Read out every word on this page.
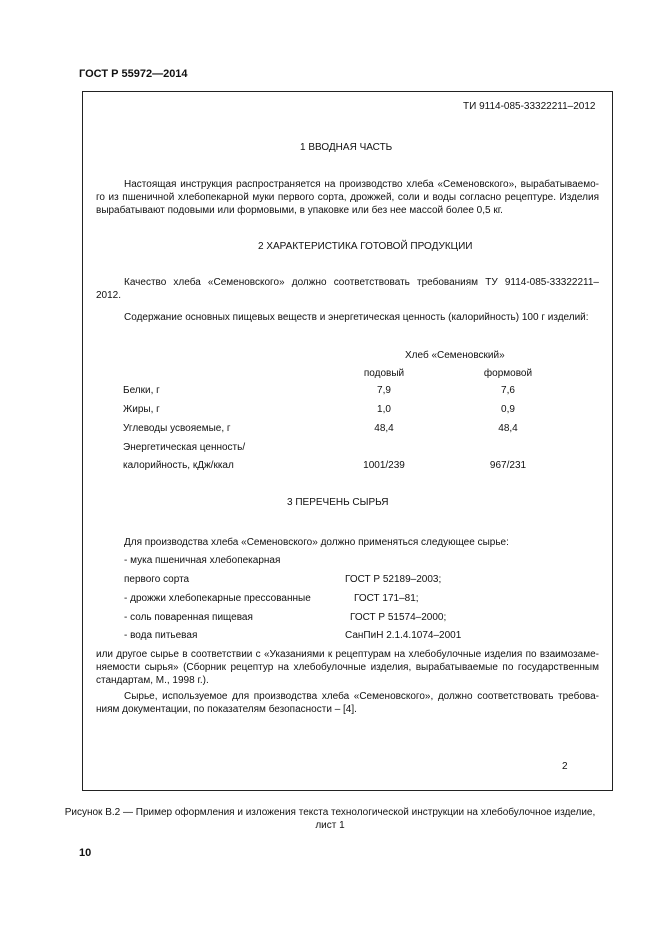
ГОСТ Р 55972—2014
ТИ 9114-085-33322211–2012
1 ВВОДНАЯ ЧАСТЬ
Настоящая инструкция распространяется на производство хлеба «Семеновского», вырабатываемо-
го из пшеничной хлебопекарной муки первого сорта, дрожжей, соли и воды согласно рецептуре. Изделия
вырабатывают подовыми или формовыми, в упаковке или без нее массой более 0,5 кг.
2 ХАРАКТЕРИСТИКА ГОТОВОЙ ПРОДУКЦИИ
Качество хлеба «Семеновского» должно соответствовать требованиям ТУ 9114-085-33322211–
2012.
Содержание основных пищевых веществ и энергетическая ценность (калорийность) 100 г изделий:
Хлеб «Семеновский»
подовый	формовой
Белки, г	7,9	7,6
Жиры, г	1,0	0,9
Углеводы усвояемые, г	48,4	48,4
Энергетическая ценность/
калорийность, кДж/ккал	1001/239	967/231
3 ПЕРЕЧЕНЬ СЫРЬЯ
Для производства хлеба «Семеновского» должно применяться следующее сырье:
- мука пшеничная хлебопекарная
первого сорта	ГОСТ Р 52189–2003;
- дрожжи хлебопекарные прессованные	ГОСТ 171–81;
- соль поваренная пищевая	ГОСТ Р 51574–2000;
- вода питьевая	СанПиН 2.1.4.1074–2001
или другое сырье в соответствии с «Указаниями к рецептурам на хлебобулочные изделия по взаимозаме-
няемости сырья» (Сборник рецептур на хлебобулочные изделия, вырабатываемые по государственным
стандартам, М., 1998 г.).
Сырье, используемое для производства хлеба «Семеновского», должно соответствовать требова-
ниям документации, по показателям безопасности – [4].
2
Рисунок В.2 — Пример оформления и изложения текста технологической инструкции на хлебобулочное изделие,
лист 1
10
